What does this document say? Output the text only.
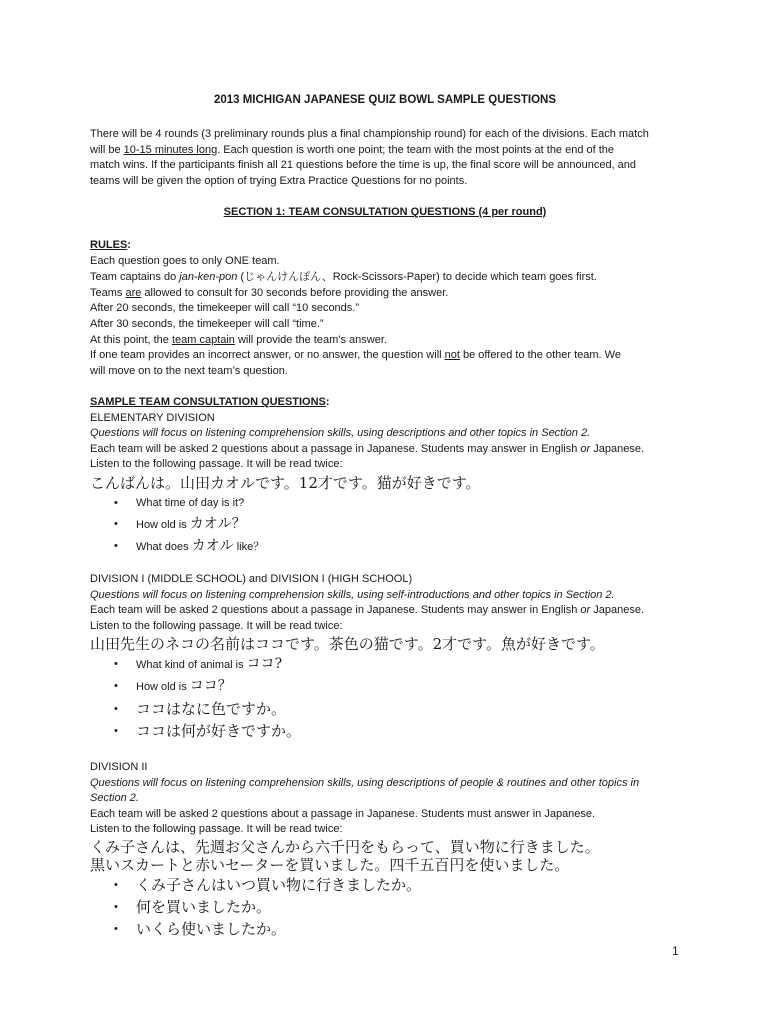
2013 MICHIGAN JAPANESE QUIZ BOWL SAMPLE QUESTIONS
There will be 4 rounds (3 preliminary rounds plus a final championship round) for each of the divisions. Each match
will be 10-15 minutes long. Each question is worth one point; the team with the most points at the end of the
match wins. If the participants finish all 21 questions before the time is up, the final score will be announced, and
teams will be given the option of trying Extra Practice Questions for no points.
SECTION 1: TEAM CONSULTATION QUESTIONS (4 per round)
RULES:
Each question goes to only ONE team.
Team captains do jan-ken-pon (じゃんけんぽん、Rock-Scissors-Paper) to decide which team goes first.
Teams are allowed to consult for 30 seconds before providing the answer.
After 20 seconds, the timekeeper will call “10 seconds.”
After 30 seconds, the timekeeper will call “time.”
At this point, the team captain will provide the team’s answer.
If one team provides an incorrect answer, or no answer, the question will not be offered to the other team. We
will move on to the next team’s question.
SAMPLE TEAM CONSULTATION QUESTIONS:
ELEMENTARY DIVISION
Questions will focus on listening comprehension skills, using descriptions and other topics in Section 2.
Each team will be asked 2 questions about a passage in Japanese. Students may answer in English or Japanese.
Listen to the following passage. It will be read twice:
こんばんは。山田カオルです。12才です。猫が好きです。
• What time of day is it?
• How old is カオル？
• What does カオル like？
DIVISION I (MIDDLE SCHOOL) and DIVISION I (HIGH SCHOOL)
Questions will focus on listening comprehension skills, using self-introductions and other topics in Section 2.
Each team will be asked 2 questions about a passage in Japanese. Students may answer in English or Japanese.
Listen to the following passage. It will be read twice:
山田先生のネコの名前はココです。茶色の猫です。2才です。魚が好きです。
• What kind of animal is ココ?
• How old is ココ？
• ココはなに色ですか。
• ココは何が好きですか。
DIVISION II
Questions will focus on listening comprehension skills, using descriptions of people & routines and other topics in
Section 2.
Each team will be asked 2 questions about a passage in Japanese. Students must answer in Japanese.
Listen to the following passage. It will be read twice:
くみ子さんは、先週お父さんから六千円をもらって、買い物に行きました。
黒いスカートと赤いセーターを買いました。四千五百円を使いました。
• くみ子さんはいつ買い物に行きましたか。
• 何を買いましたか。
• いくら使いましたか。
1
